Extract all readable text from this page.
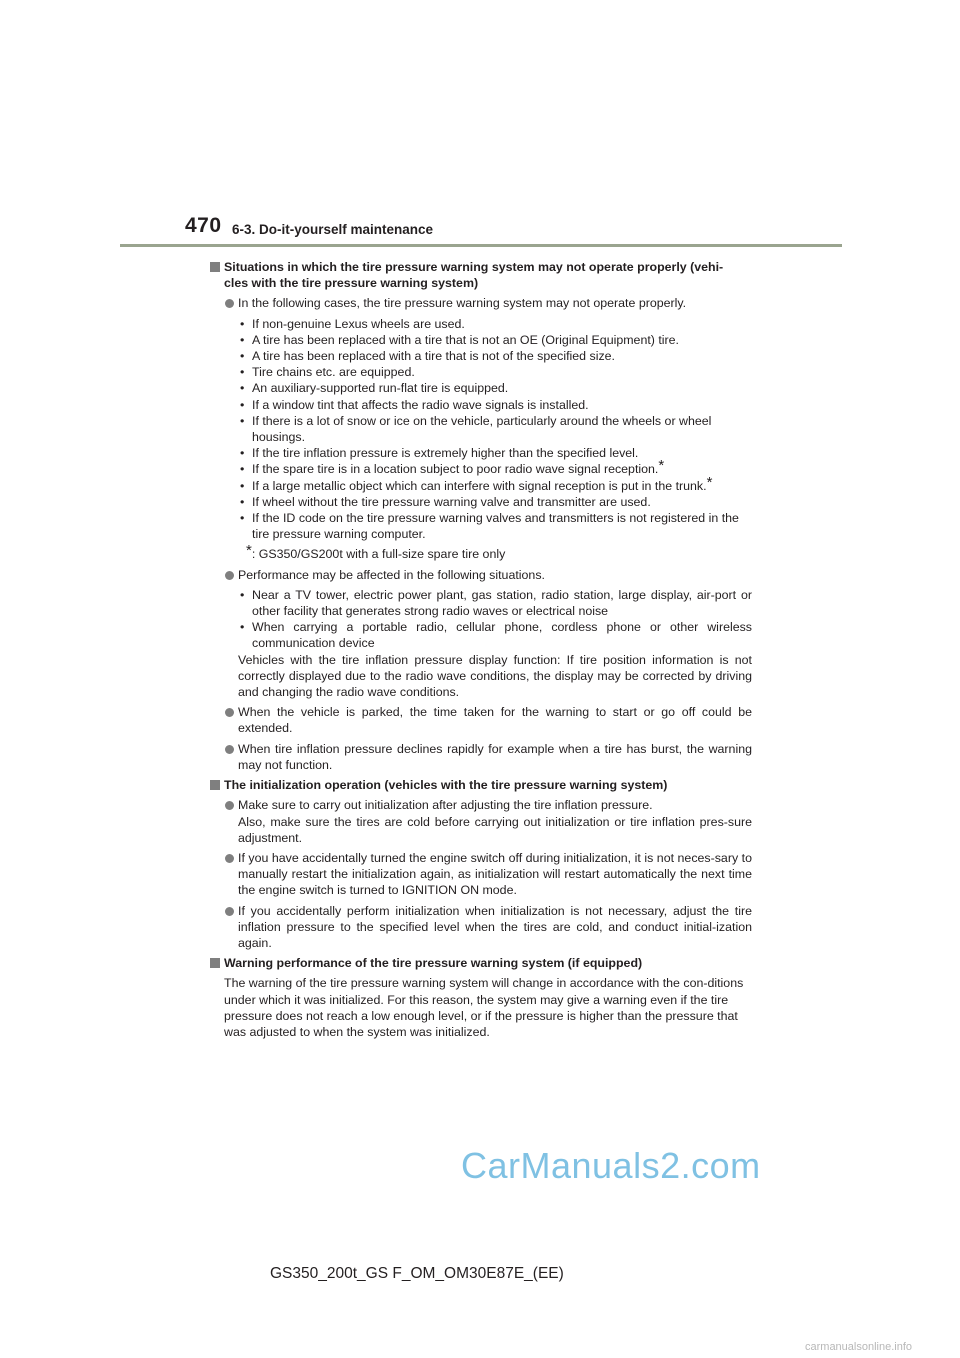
470 6-3. Do-it-yourself maintenance
Situations in which the tire pressure warning system may not operate properly (vehi-
cles with the tire pressure warning system)
In the following cases, the tire pressure warning system may not operate properly.
• If non-genuine Lexus wheels are used.
• A tire has been replaced with a tire that is not an OE (Original Equipment) tire.
• A tire has been replaced with a tire that is not of the specified size.
• Tire chains etc. are equipped.
• An auxiliary-supported run-flat tire is equipped.
• If a window tint that affects the radio wave signals is installed.
• If there is a lot of snow or ice on the vehicle, particularly around the wheels or wheel housings.
• If the tire inflation pressure is extremely higher than the specified level.
• If the spare tire is in a location subject to poor radio wave signal reception.*
• If a large metallic object which can interfere with signal reception is put in the trunk.*
• If wheel without the tire pressure warning valve and transmitter are used.
• If the ID code on the tire pressure warning valves and transmitters is not registered in the tire pressure warning computer.
*: GS350/GS200t with a full-size spare tire only
Performance may be affected in the following situations.
• Near a TV tower, electric power plant, gas station, radio station, large display, air-port or other facility that generates strong radio waves or electrical noise
• When carrying a portable radio, cellular phone, cordless phone or other wireless communication device
Vehicles with the tire inflation pressure display function: If tire position information is not correctly displayed due to the radio wave conditions, the display may be corrected by driving and changing the radio wave conditions.
When the vehicle is parked, the time taken for the warning to start or go off could be extended.
When tire inflation pressure declines rapidly for example when a tire has burst, the warning may not function.
The initialization operation (vehicles with the tire pressure warning system)
Make sure to carry out initialization after adjusting the tire inflation pressure.
Also, make sure the tires are cold before carrying out initialization or tire inflation pres-sure adjustment.
If you have accidentally turned the engine switch off during initialization, it is not neces-sary to manually restart the initialization again, as initialization will restart automatically the next time the engine switch is turned to IGNITION ON mode.
If you accidentally perform initialization when initialization is not necessary, adjust the tire inflation pressure to the specified level when the tires are cold, and conduct initial-ization again.
Warning performance of the tire pressure warning system (if equipped)
The warning of the tire pressure warning system will change in accordance with the con-ditions under which it was initialized. For this reason, the system may give a warning even if the tire pressure does not reach a low enough level, or if the pressure is higher than the pressure that was adjusted to when the system was initialized.
CarManuals2.com
GS350_200t_GS F_OM_OM30E87E_(EE)
carmanualsonline.info
